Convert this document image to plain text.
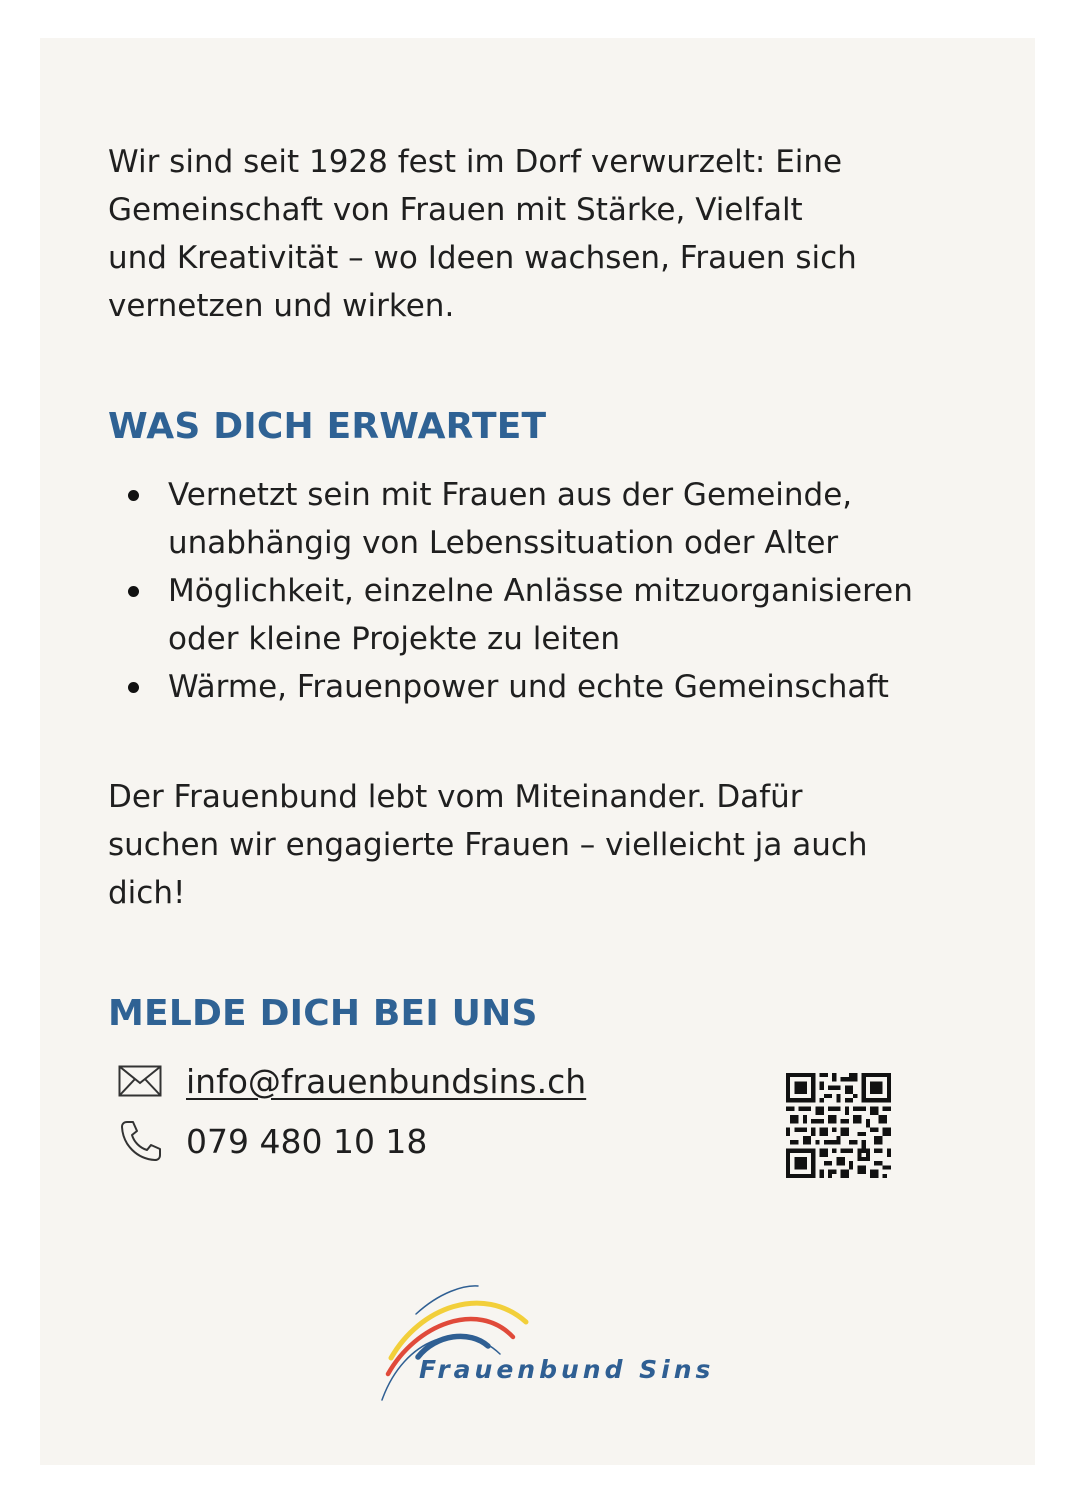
Wir sind seit 1928 fest im Dorf verwurzelt: Eine
Gemeinschaft von Frauen mit Stärke, Vielfalt
und Kreativität – wo Ideen wachsen, Frauen sich
vernetzen und wirken.

WAS DICH ERWARTET
Vernetzt sein mit Frauen aus der Gemeinde,
unabhängig von Lebenssituation oder Alter
Möglichkeit, einzelne Anlässe mitzuorganisieren
oder kleine Projekte zu leiten
Wärme, Frauenpower und echte Gemeinschaft

Der Frauenbund lebt vom Miteinander. Dafür
suchen wir engagierte Frauen – vielleicht ja auch
dich!

MELDE DICH BEI UNS
info@frauenbundsins.ch
079 480 10 18
Frauenbund Sins
